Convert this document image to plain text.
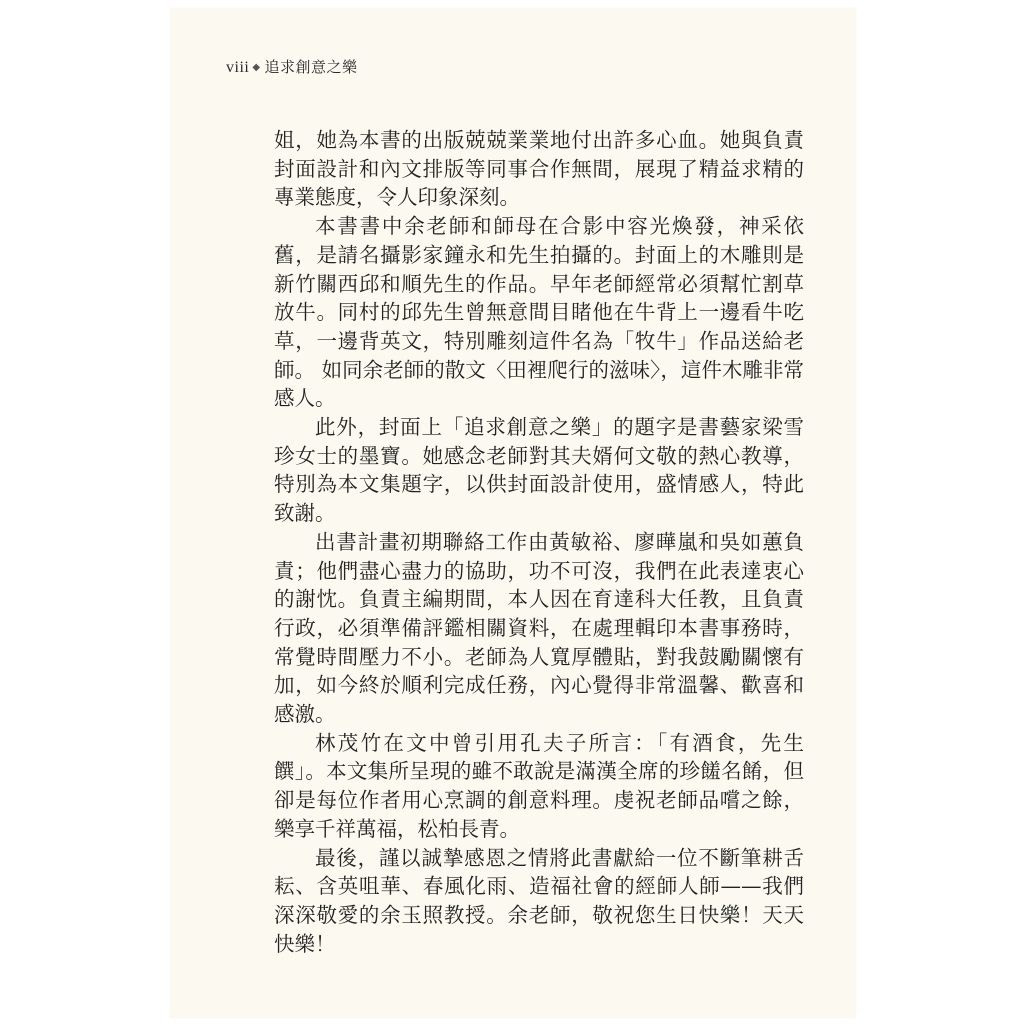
viii ◆ 追求創意之樂

姐，她為本書的出版兢兢業業地付出許多心血。她與負責封面設計和內文排版等同事合作無間，展現了精益求精的專業態度，令人印象深刻。

本書書中余老師和師母在合影中容光煥發，神采依舊，是請名攝影家鐘永和先生拍攝的。封面上的木雕則是新竹關西邱和順先生的作品。早年老師經常必須幫忙割草放牛。同村的邱先生曾無意間目睹他在牛背上一邊看牛吃草，一邊背英文，特別雕刻這件名為「牧牛」作品送給老師。 如同余老師的散文〈田裡爬行的滋味〉，這件木雕非常感人。

此外，封面上「追求創意之樂」的題字是書藝家梁雪珍女士的墨寶。她感念老師對其夫婿何文敬的熱心教導，特別為本文集題字，以供封面設計使用，盛情感人，特此致謝。

出書計畫初期聯絡工作由黃敏裕、廖曄嵐和吳如蕙負責；他們盡心盡力的協助，功不可沒，我們在此表達衷心的謝忱。負責主編期間，本人因在育達科大任教，且負責行政，必須準備評鑑相關資料，在處理輯印本書事務時，常覺時間壓力不小。老師為人寬厚體貼，對我鼓勵關懷有加，如今終於順利完成任務，內心覺得非常溫馨、歡喜和感激。

林茂竹在文中曾引用孔夫子所言：「有酒食，先生饌」。本文集所呈現的雖不敢說是滿漢全席的珍饈名餚，但卻是每位作者用心烹調的創意料理。虔祝老師品嚐之餘，樂享千祥萬福，松柏長青。

最後，謹以誠摯感恩之情將此書獻給一位不斷筆耕舌耘、含英咀華、春風化雨、造福社會的經師人師——我們深深敬愛的余玉照教授。余老師，敬祝您生日快樂！天天快樂！
